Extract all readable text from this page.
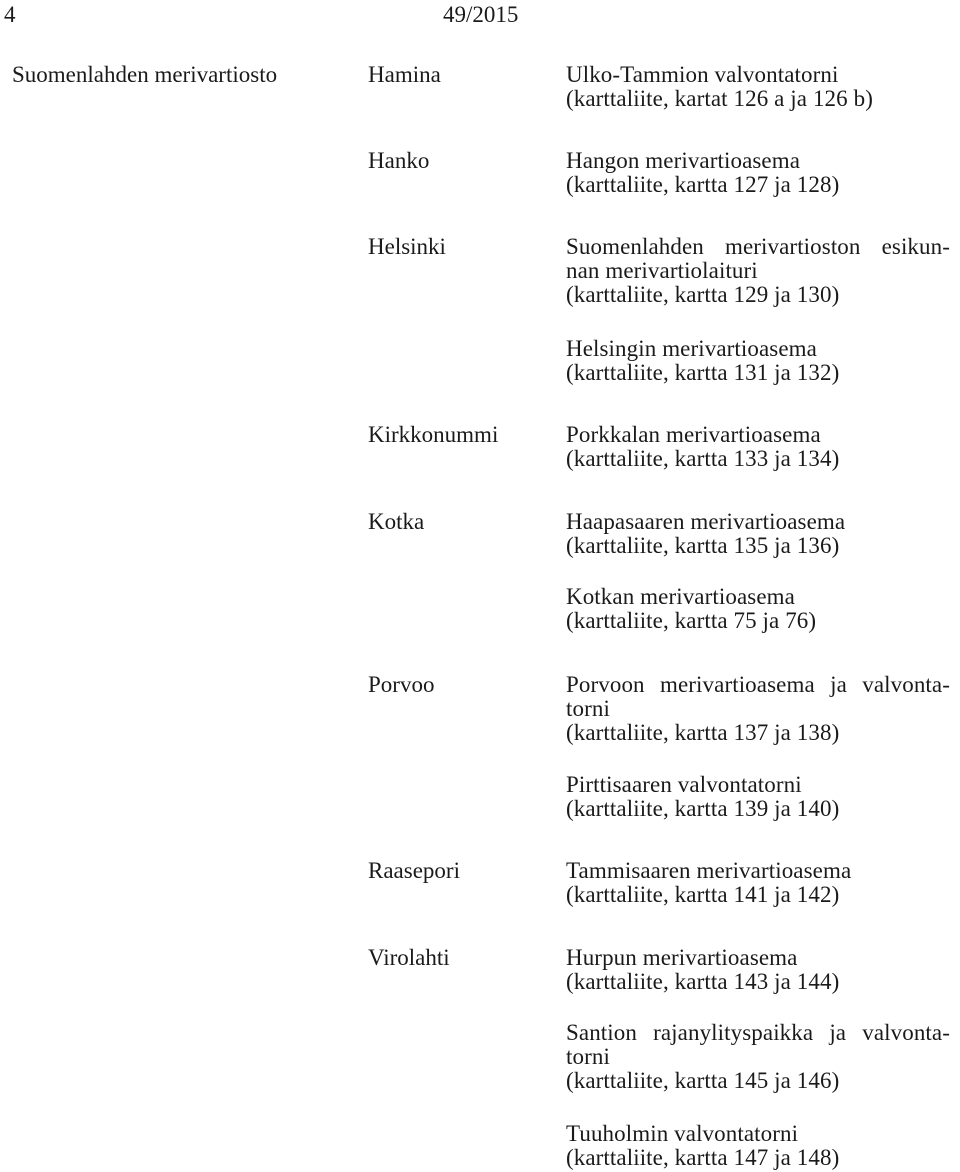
4	49/2015
Suomenlahden merivartiosto	Hamina
Hanko
Helsinki
Kirkkonummi
Kotka
Porvoo
Raasepori
Virolahti
Ulko-Tammion valvontatorni
(karttaliite, kartat 126 a ja 126 b)
Hangon merivartioasema
(karttaliite, kartta 127 ja 128)
Suomenlahden merivartioston esikun-
nan merivartiolaituri
(karttaliite, kartta 129 ja 130)
Helsingin merivartioasema
(karttaliite, kartta 131 ja 132)
Porkkalan merivartioasema
(karttaliite, kartta 133 ja 134)
Haapasaaren merivartioasema
(karttaliite, kartta 135 ja 136)
Kotkan merivartioasema
(karttaliite, kartta 75 ja 76)
Porvoon merivartioasema ja valvonta-
torni
(karttaliite, kartta 137 ja 138)
Pirttisaaren valvontatorni
(karttaliite, kartta 139 ja 140)
Tammisaaren merivartioasema
(karttaliite, kartta 141 ja 142)
Hurpun merivartioasema
(karttaliite, kartta 143 ja 144)
Santion rajanylityspaikka ja valvonta-
torni
(karttaliite, kartta 145 ja 146)
Tuuholmin valvontatorni
(karttaliite, kartta 147 ja 148)
